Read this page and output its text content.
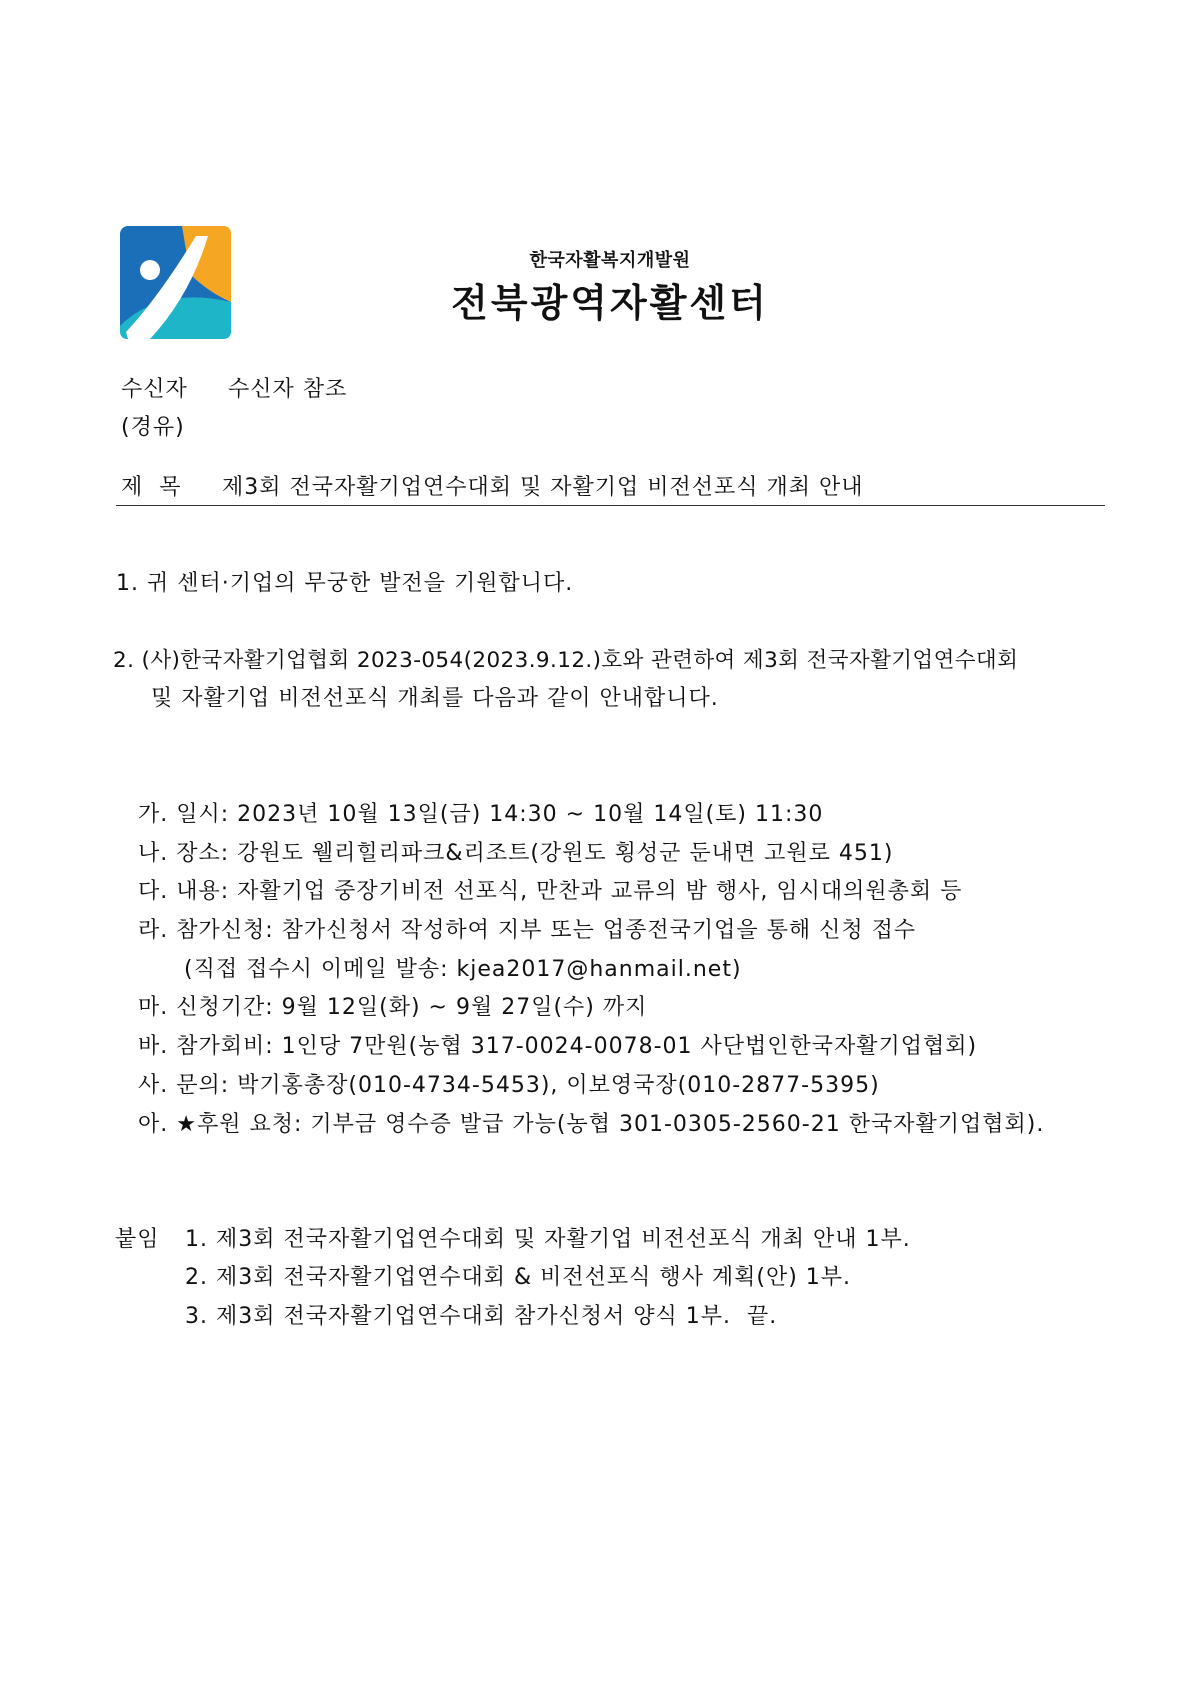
한국자활복지개발원
전북광역자활센터
수신자 수신자 참조
(경유)
제  목 제3회 전국자활기업연수대회 및 자활기업 비전선포식 개최 안내
1. 귀 센터·기업의 무궁한 발전을 기원합니다.
2. (사)한국자활기업협회 2023-054(2023.9.12.)호와 관련하여 제3회 전국자활기업연수대회
및 자활기업 비전선포식 개최를 다음과 같이 안내합니다.
가. 일시: 2023년 10월 13일(금) 14:30 ~ 10월 14일(토) 11:30
나. 장소: 강원도 웰리힐리파크&리조트(강원도 횡성군 둔내면 고원로 451)
다. 내용: 자활기업 중장기비전 선포식, 만찬과 교류의 밤 행사, 임시대의원총회 등
라. 참가신청: 참가신청서 작성하여 지부 또는 업종전국기업을 통해 신청 접수
(직접 접수시 이메일 발송: kjea2017@hanmail.net)
마. 신청기간: 9월 12일(화) ~ 9월 27일(수) 까지
바. 참가회비: 1인당 7만원(농협 317-0024-0078-01 사단법인한국자활기업협회)
사. 문의: 박기홍총장(010-4734-5453), 이보영국장(010-2877-5395)
아. ★후원 요청: 기부금 영수증 발급 가능(농협 301-0305-2560-21 한국자활기업협회).
붙임 1. 제3회 전국자활기업연수대회 및 자활기업 비전선포식 개최 안내 1부.
2. 제3회 전국자활기업연수대회 & 비전선포식 행사 계획(안) 1부.
3. 제3회 전국자활기업연수대회 참가신청서 양식 1부.  끝.
